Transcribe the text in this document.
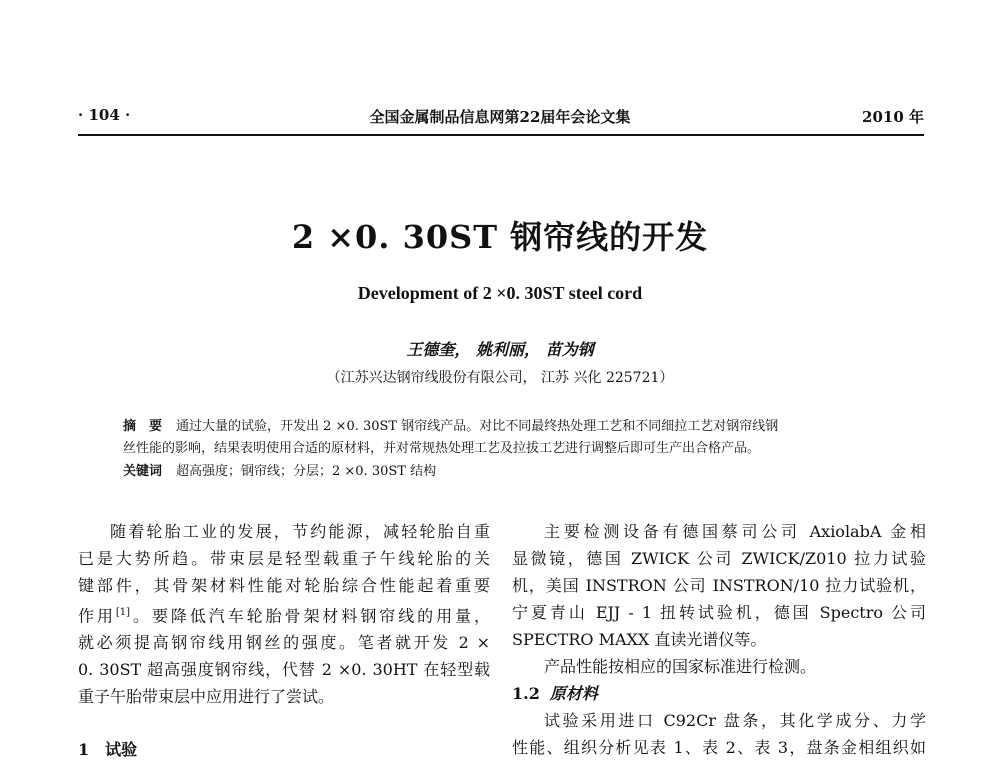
· 104 ·	全国金属制品信息网第22届年会论文集	2010 年
2 ×0. 30ST 钢帘线的开发
Development of 2 ×0. 30ST steel cord
王德奎， 姚利丽， 苗为钢
（江苏兴达钢帘线股份有限公司， 江苏 兴化 225721）
摘　要 通过大量的试验，开发出 2 ×0. 30ST 钢帘线产品。对比不同最终热处理工艺和不同细拉工艺对钢帘线钢
丝性能的影响，结果表明使用合适的原材料，并对常规热处理工艺及拉拔工艺进行调整后即可生产出合格产品。
关键词 超高强度；钢帘线；分层；2 ×0. 30ST 结构

随着轮胎工业的发展，节约能源，减轻轮胎自重

已是大势所趋。带束层是轻型载重子午线轮胎的关

键部件，其骨架材料性能对轮胎综合性能起着重要

作用[1]。要降低汽车轮胎骨架材料钢帘线的用量，

就必须提高钢帘线用钢丝的强度。笔者就开发 2 ×

0. 30ST 超高强度钢帘线，代替 2 ×0. 30HT 在轻型载

重子午胎带束层中应用进行了尝试。

1　 试验

主要检测设备有德国蔡司公司 AxiolabA 金相

显微镜，德国 ZWICK 公司 ZWICK/Z010 拉力试验

机，美国 INSTRON 公司 INSTRON/10 拉力试验机，

宁夏青山 EJJ - 1 扭转试验机，德国 Spectro 公司

SPECTRO MAXX 直读光谱仪等。

产品性能按相应的国家标准进行检测。

1.2 原材料

试验采用进口 C92Cr 盘条，其化学成分、力学

性能、组织分析见表 1、表 2、表 3，盘条金相组织如
